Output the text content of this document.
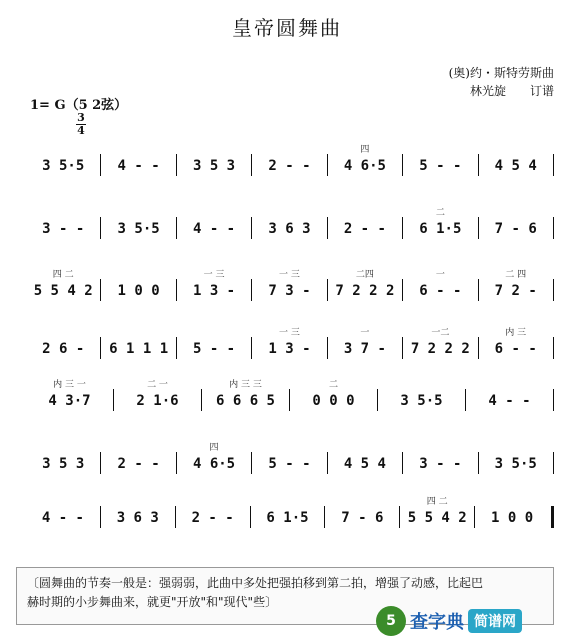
皇帝圆舞曲
(奥)约・斯特劳斯曲
林光旋　　订谱
1= G（5 2弦）
3
4
3 5·5 4 - - 3 5 3 2 - -
四
4 6·5 5 - - 4 5 4
3 - - 3 5·5 4 - - 3 6 3 2 - -
二
6 1·5 7 - 6
四 二
5 5 4 2 1 0 0
一 三
1 3 -
一 三
7 3 -
二四
7 2 2 2
一
6 - -
二 四
7 2 -
2 6 - 6 1 1 1 5 - -
一 三
1 3 -
一
3 7 -
一二
7 2 2 2
内 三
6 - -
内 三 一
4 3·7
二 一
2 1·6
内 三 三
6 6 6 5
二
0 0 0	3 5·5	4 - -
3 5 3 2 - -
四
4 6·5 5 - - 4 5 4 3 - - 3 5·5
4 - - 3 6 3 2 - - 6 1·5 7 - 6
四 二
5 5 4 2 1 0 0
〔圆舞曲的节奏一般是：强弱弱，此曲中多处把强拍移到第二拍，增强了动感，比起巴
赫时期的小步舞曲来，就更"开放"和"现代"些〕
5 查字典 简谱网
